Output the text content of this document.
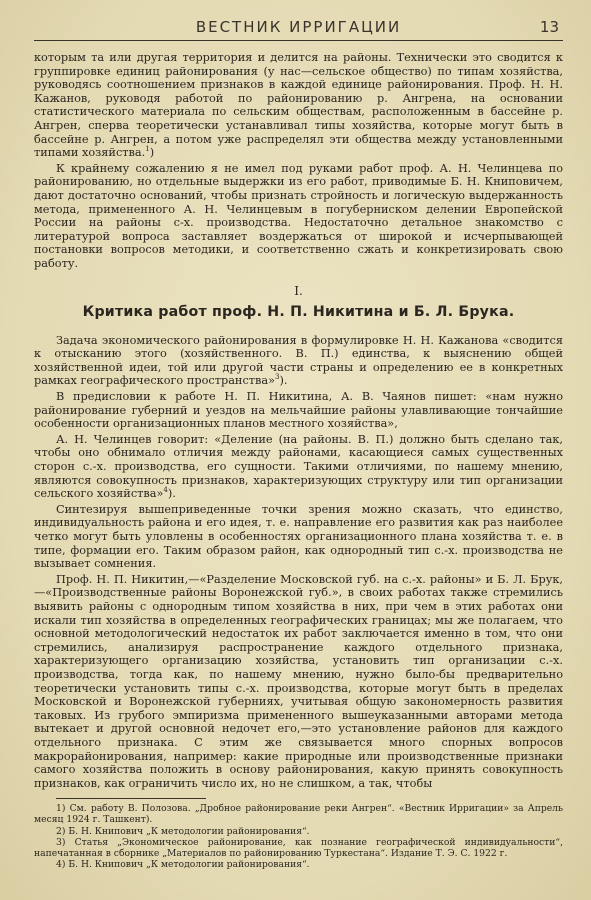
ВЕСТНИК ИРРИГАЦИИ	13

которым та или другая территория и делится на районы. Технически это сводится к группировке единиц районирования (у нас—сельское общество) по типам хозяйства, руководясь соотношением признаков в каждой единице районирования. Проф. Н. Н. Кажанов, руководя работой по районированию р. Ангрена, на основании статистического материала по сельским обществам, расположенным в бассейне р. Ангрен, сперва теоретически устанавливал типы хозяйства, которые могут быть в бассейне р. Ангрен, а потом уже распределял эти общества между установленными типами хозяйства.$^1$)

К крайнему сожалению я не имел под руками работ проф. А. Н. Челинцева по районированию, но отдельные выдержки из его работ, приводимые Б. Н. Книповичем, дают достаточно оснований, чтобы признать стройность и логическую выдержанность метода, примененного А. Н. Челинцевым в погуберниском делении Европейской России на районы с-х. производства. Недостаточно детальное знакомство с литературой вопроса заставляет воздержаться от широкой и исчерпывающей постановки вопросов методики, и соответственно сжать и конкретизировать свою работу.

I.
Критика работ проф. Н. П. Никитина и Б. Л. Брука.

Задача экономического районирования в формулировке Н. Н. Кажанова «сводится к отысканию этого (хозяйственного. В. П.) единства, к выяснению общей хозяйственной идеи, той или другой части страны и определению ее в конкретных рамках географического пространства»$^3$).

В предисловии к работе Н. П. Никитина, А. В. Чаянов пишет: «нам нужно районирование губерний и уездов на мельчайшие районы улавливающие тончайшие особенности организационных планов местного хозяйства»,

А. Н. Челинцев говорит: «Деление (на районы. В. П.) должно быть сделано так, чтобы оно обнимало отличия между районами, касающиеся самых существенных сторон с.-х. производства, его сущности. Такими отличиями, по нашему мнению, являются совокупность признаков, характеризующих структуру или тип организации сельского хозяйства»$^4$).

Синтезируя вышеприведенные точки зрения можно сказать, что единство, индивидуальность района и его идея, т. е. направление его развития как раз наиболее четко могут быть уловлены в особенностях организационного плана хозяйства т. е. в типе, формации его. Таким образом район, как однородный тип с.-х. производства не вызывает сомнения.

Проф. Н. П. Никитин,—«Разделение Московской губ. на с.-х. районы» и Б. Л. Брук,—«Производственные районы Воронежской губ.», в своих работах также стремились выявить районы с однородным типом хозяйства в них, при чем в этих работах они искали тип хозяйства в определенных географических границах; мы же полагаем, что основной методологический недостаток их работ заключается именно в том, что они стремились, анализируя распространение каждого отдельного признака, характеризующего организацию хозяйства, установить тип организации с.-х. производства, тогда как, по нашему мнению, нужно было-бы предварительно теоретически установить типы с.-х. производства, которые могут быть в пределах Московской и Воронежской губерниях, учитывая общую закономерность развития таковых. Из грубого эмпиризма примененного вышеуказанными авторами метода вытекает и другой основной недочет его,—это установление районов для каждого отдельного признака. С этим же связывается много спорных вопросов макрорайонирования, например: какие природные или производственные признаки самого хозяйства положить в основу районирования, какую принять совокупность признаков, как ограничить число их, но не слишком, а так, чтобы

1) См. работу В. Полозова. „Дробное районирование реки Ангрен“. «Вестник Ирригации» за Апрель месяц 1924 г. Ташкент).

2) Б. Н. Книпович „К методологии районирования“.

3) Статья „Экономическое районирование, как познание географической индивидуальности“, напечатанная в сборнике „Материалов по районированию Туркестана“. Издание Т. Э. С. 1922 г.

4) Б. Н. Книпович „К методологии районирования“.
